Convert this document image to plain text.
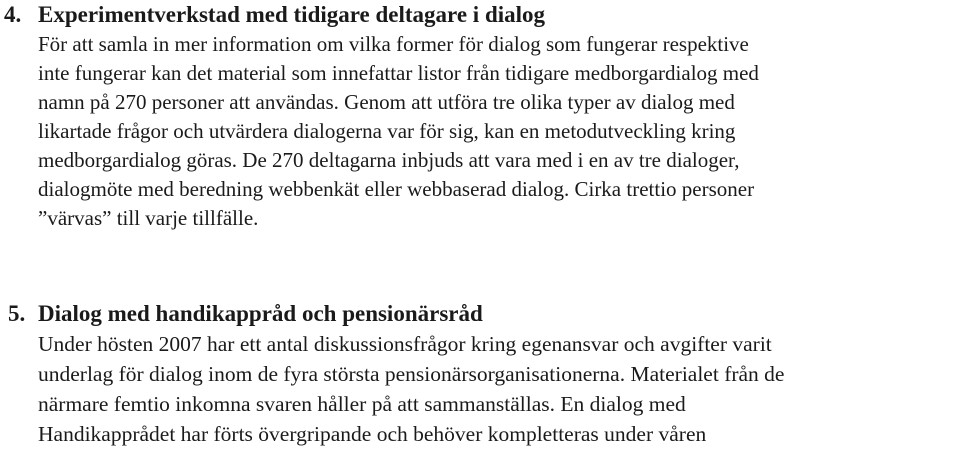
4. Experimentverkstad med tidigare deltagare i dialog
För att samla in mer information om vilka former för dialog som fungerar respektive
inte fungerar kan det material som innefattar listor från tidigare medborgardialog med
namn på 270 personer att användas. Genom att utföra tre olika typer av dialog med
likartade frågor och utvärdera dialogerna var för sig, kan en metodutveckling kring
medborgardialog göras. De 270 deltagarna inbjuds att vara med i en av tre dialoger,
dialogmöte med beredning webbenkät eller webbaserad dialog. Cirka trettio personer
”värvas” till varje tillfälle.
5. Dialog med handikappråd och pensionärsråd
Under hösten 2007 har ett antal diskussionsfrågor kring egenansvar och avgifter varit
underlag för dialog inom de fyra största pensionärsorganisationerna. Materialet från de
närmare femtio inkomna svaren håller på att sammanställas. En dialog med
Handikapprådet har förts övergripande och behöver kompletteras under våren
